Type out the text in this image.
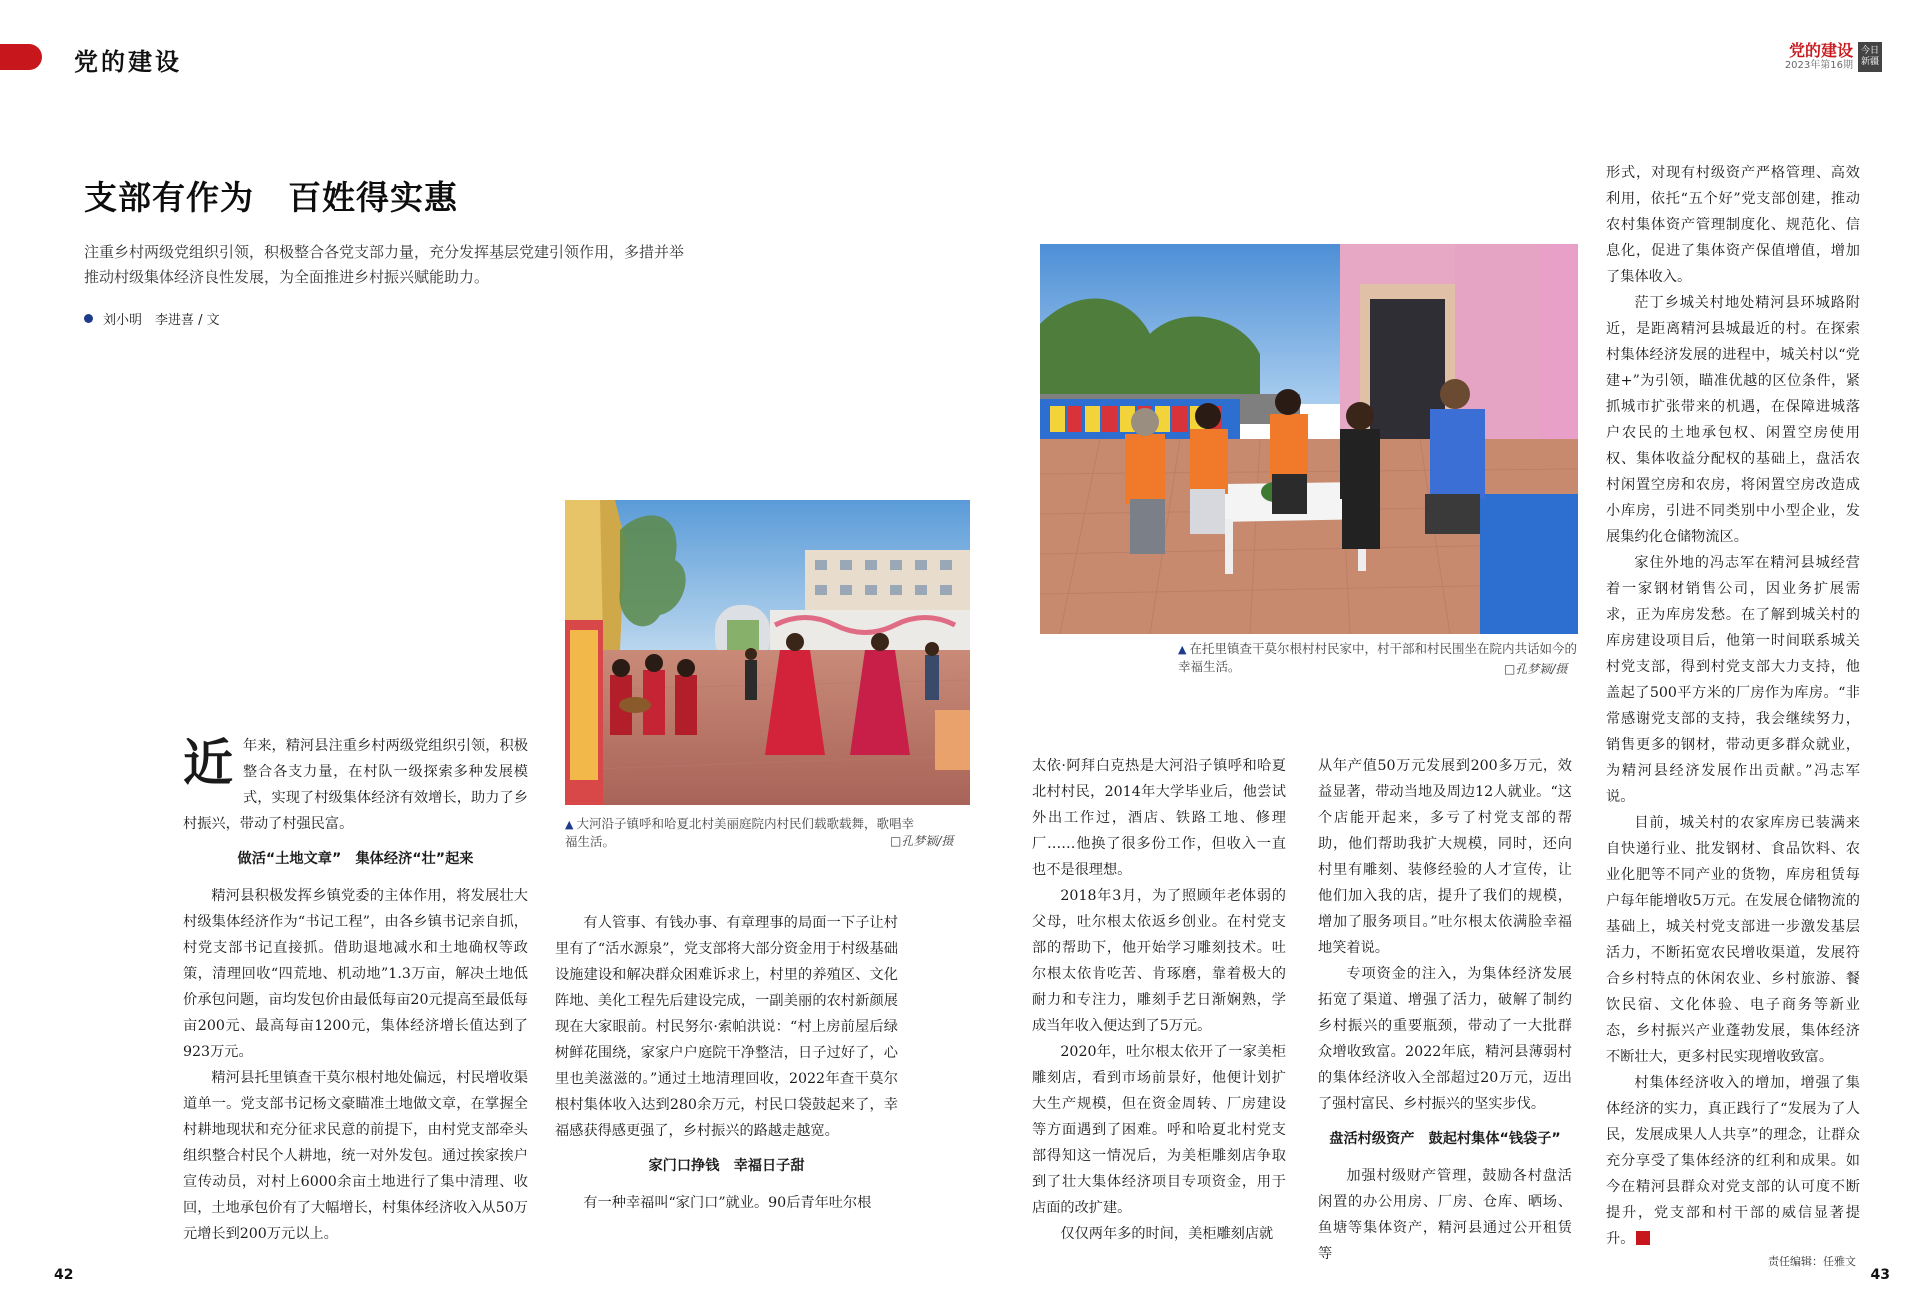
党的建设	党的建设
2023年第16期
今日 新疆
支部有作为　百姓得实惠
注重乡村两级党组织引领，积极整合各党支部力量，充分发挥基层党建引领作用，多措并举推动村级集体经济良性发展，为全面推进乡村振兴赋能助力。
刘小明　李进喜 / 文
▲ 大河沿子镇呼和哈夏北村美丽庭院内村民们载歌载舞，歌唱幸福生活。	□孔梦颖/摄
▲ 在托里镇查干莫尔根村村民家中，村干部和村民围坐在院内共话如今的幸福生活。	□孔梦颖/摄

近年来，精河县注重乡村两级党组织引领，积极整合各支力量，在村队一级探索多种发展模式，实现了村级集体经济有效增长，助力了乡村振兴，带动了村强民富。

做活“土地文章”　集体经济“壮”起来

精河县积极发挥乡镇党委的主体作用，将发展壮大村级集体经济作为“书记工程”，由各乡镇书记亲自抓，村党支部书记直接抓。借助退地减水和土地确权等政策，清理回收“四荒地、机动地”1.3万亩，解决土地低价承包问题，亩均发包价由最低每亩20元提高至最低每亩200元、最高每亩1200元，集体经济增长值达到了923万元。

精河县托里镇查干莫尔根村地处偏远，村民增收渠道单一。党支部书记杨文豪瞄准土地做文章，在掌握全村耕地现状和充分征求民意的前提下，由村党支部牵头组织整合村民个人耕地，统一对外发包。通过挨家挨户宣传动员，对村上6000余亩土地进行了集中清理、收回，土地承包价有了大幅增长，村集体经济收入从50万元增长到200万元以上。

有人管事、有钱办事、有章理事的局面一下子让村里有了“活水源泉”，党支部将大部分资金用于村级基础设施建设和解决群众困难诉求上，村里的养殖区、文化阵地、美化工程先后建设完成，一副美丽的农村新颜展现在大家眼前。村民努尔·索帕洪说：“村上房前屋后绿树鲜花围绕，家家户户庭院干净整洁，日子过好了，心里也美滋滋的。”通过土地清理回收，2022年查干莫尔根村集体收入达到280余万元，村民口袋鼓起来了，幸福感获得感更强了，乡村振兴的路越走越宽。

家门口挣钱　幸福日子甜

有一种幸福叫“家门口”就业。90后青年吐尔根

太依·阿拜白克热是大河沿子镇呼和哈夏北村村民，2014年大学毕业后，他尝试外出工作过，酒店、铁路工地、修理厂……他换了很多份工作，但收入一直也不是很理想。

2018年3月，为了照顾年老体弱的父母，吐尔根太依返乡创业。在村党支部的帮助下，他开始学习雕刻技术。吐尔根太依肯吃苦、肯琢磨，靠着极大的耐力和专注力，雕刻手艺日渐娴熟，学成当年收入便达到了5万元。

2020年，吐尔根太依开了一家美柜雕刻店，看到市场前景好，他便计划扩大生产规模，但在资金周转、厂房建设等方面遇到了困难。呼和哈夏北村党支部得知这一情况后，为美柜雕刻店争取到了壮大集体经济项目专项资金，用于店面的改扩建。

仅仅两年多的时间，美柜雕刻店就

从年产值50万元发展到200多万元，效益显著，带动当地及周边12人就业。“这个店能开起来，多亏了村党支部的帮助，他们帮助我扩大规模，同时，还向村里有雕刻、装修经验的人才宣传，让他们加入我的店，提升了我们的规模，增加了服务项目。”吐尔根太依满脸幸福地笑着说。

专项资金的注入，为集体经济发展拓宽了渠道、增强了活力，破解了制约乡村振兴的重要瓶颈，带动了一大批群众增收致富。2022年底，精河县薄弱村的集体经济收入全部超过20万元，迈出了强村富民、乡村振兴的坚实步伐。

盘活村级资产　鼓起村集体“钱袋子”

加强村级财产管理，鼓励各村盘活闲置的办公用房、厂房、仓库、晒场、鱼塘等集体资产，精河县通过公开租赁等

形式，对现有村级资产严格管理、高效利用，依托“五个好”党支部创建，推动农村集体资产管理制度化、规范化、信息化，促进了集体资产保值增值，增加了集体收入。

茫丁乡城关村地处精河县环城路附近，是距离精河县城最近的村。在探索村集体经济发展的进程中，城关村以“党建+”为引领，瞄准优越的区位条件，紧抓城市扩张带来的机遇，在保障进城落户农民的土地承包权、闲置空房使用权、集体收益分配权的基础上，盘活农村闲置空房和农房，将闲置空房改造成小库房，引进不同类别中小型企业，发展集约化仓储物流区。

家住外地的冯志军在精河县城经营着一家钢材销售公司，因业务扩展需求，正为库房发愁。在了解到城关村的库房建设项目后，他第一时间联系城关村党支部，得到村党支部大力支持，他盖起了500平方米的厂房作为库房。“非常感谢党支部的支持，我会继续努力，销售更多的钢材，带动更多群众就业，为精河县经济发展作出贡献。”冯志军说。

目前，城关村的农家库房已装满来自快递行业、批发钢材、食品饮料、农业化肥等不同产业的货物，库房租赁每户每年能增收5万元。在发展仓储物流的基础上，城关村党支部进一步激发基层活力，不断拓宽农民增收渠道，发展符合乡村特点的休闲农业、乡村旅游、餐饮民宿、文化体验、电子商务等新业态，乡村振兴产业蓬勃发展，集体经济不断壮大，更多村民实现增收致富。

村集体经济收入的增加，增强了集体经济的实力，真正践行了“发展为了人民，发展成果人人共享”的理念，让群众充分享受了集体经济的红利和成果。如今在精河县群众对党支部的认可度不断提升，党支部和村干部的威信显著提升。

42
责任编辑：任雅文
43
